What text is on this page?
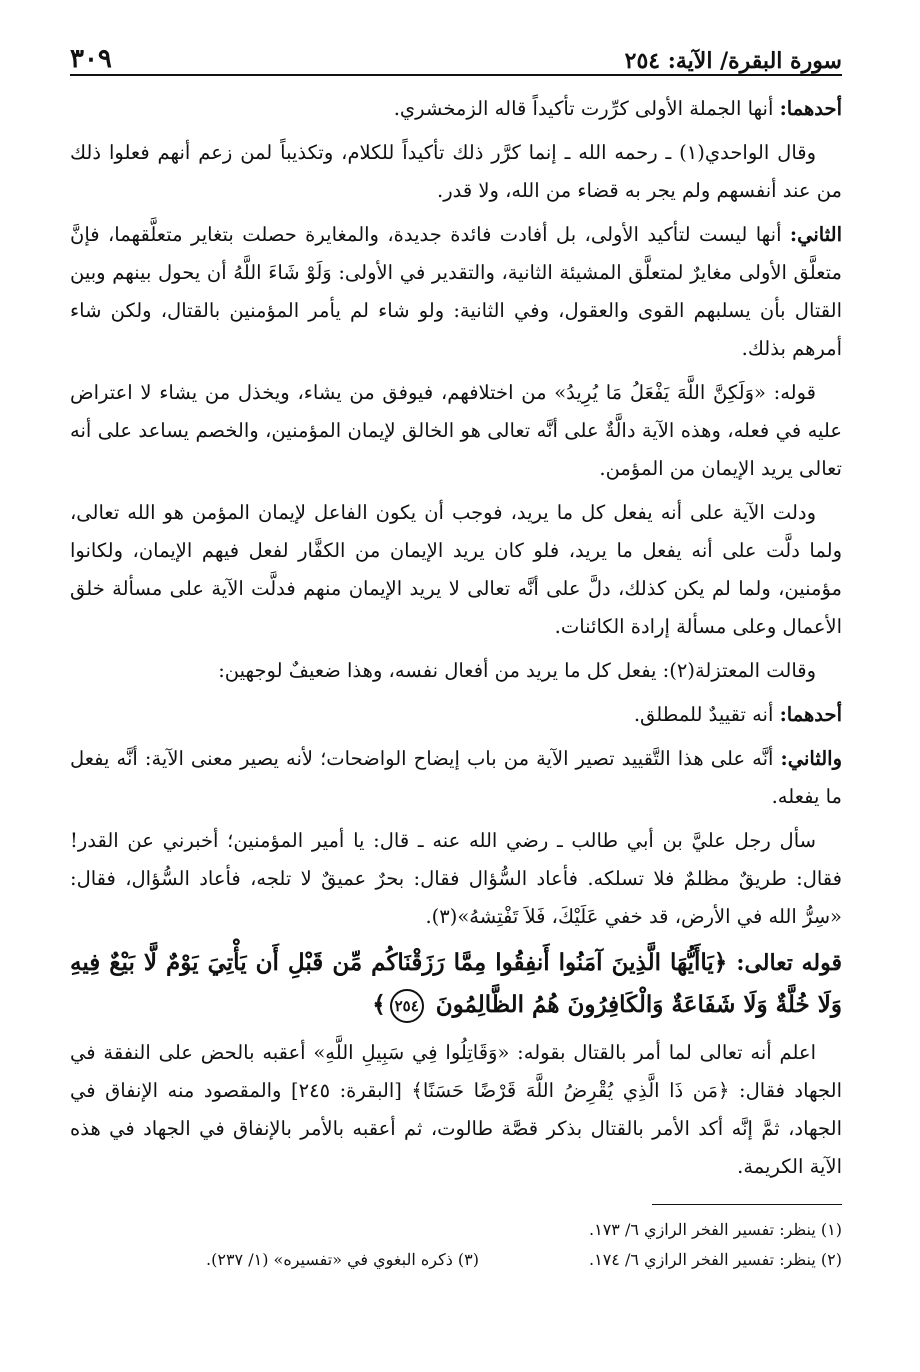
سورة البقرة/ الآية: ٢٥٤
٣٠٩

أحدهما: أنها الجملة الأولى كرِّرت تأكيداً قاله الزمخشري.

وقال الواحدي(١) ـ رحمه الله ـ إنما كرَّر ذلك تأكيداً للكلام، وتكذيباً لمن زعم أنهم فعلوا ذلك من عند أنفسهم ولم يجر به قضاء من الله، ولا قدر.

الثاني: أنها ليست لتأكيد الأولى، بل أفادت فائدة جديدة، والمغايرة حصلت بتغاير متعلَّقهما، فإنَّ متعلَّق الأولى مغايرٌ لمتعلَّق المشيئة الثانية، والتقدير في الأولى: وَلَوْ شَاءَ اللَّهُ أن يحول بينهم وبين القتال بأن يسلبهم القوى والعقول، وفي الثانية: ولو شاء لم يأمر المؤمنين بالقتال، ولكن شاء أمرهم بذلك.

قوله: «وَلَكِنَّ اللَّهَ يَفْعَلُ مَا يُرِيدُ» من اختلافهم، فيوفق من يشاء، ويخذل من يشاء لا اعتراض عليه في فعله، وهذه الآية دالَّةٌ على أنَّه تعالى هو الخالق لإيمان المؤمنين، والخصم يساعد على أنه تعالى يريد الإيمان من المؤمن.

ودلت الآية على أنه يفعل كل ما يريد، فوجب أن يكون الفاعل لإيمان المؤمن هو الله تعالى، ولما دلَّت على أنه يفعل ما يريد، فلو كان يريد الإيمان من الكفَّار لفعل فيهم الإيمان، ولكانوا مؤمنين، ولما لم يكن كذلك، دلَّ على أنَّه تعالى لا يريد الإيمان منهم فدلَّت الآية على مسألة خلق الأعمال وعلى مسألة إرادة الكائنات.

وقالت المعتزلة(٢): يفعل كل ما يريد من أفعال نفسه، وهذا ضعيفٌ لوجهين:

أحدهما: أنه تقييدٌ للمطلق.

والثاني: أنَّه على هذا التَّقييد تصير الآية من باب إيضاح الواضحات؛ لأنه يصير معنى الآية: أنَّه يفعل ما يفعله.

سأل رجل عليَّ بن أبي طالب ـ رضي الله عنه ـ قال: يا أمير المؤمنين؛ أخبرني عن القدر! فقال: طريقٌ مظلمٌ فلا تسلكه. فأعاد السُّؤال فقال: بحرٌ عميقٌ لا تلجه، فأعاد السُّؤال، فقال: «سِرُّ الله في الأرض، قد خفي عَلَيْكَ، فَلاَ تَفْتِشهُ»(٣).

قوله تعالى: ﴿يَاأَيُّهَا الَّذِينَ آمَنُوا أَنفِقُوا مِمَّا رَزَقْنَاكُم مِّن قَبْلِ أَن يَأْتِيَ يَوْمٌ لَّا بَيْعٌ فِيهِ وَلَا خُلَّةٌ وَلَا شَفَاعَةٌ وَالْكَافِرُونَ هُمُ الظَّالِمُونَ ٢٥٤﴾

اعلم أنه تعالى لما أمر بالقتال بقوله: «وَقَاتِلُوا فِي سَبِيلِ اللَّهِ» أعقبه بالحض على النفقة في الجهاد فقال: ﴿مَن ذَا الَّذِي يُقْرِضُ اللَّهَ قَرْضًا حَسَنًا﴾ [البقرة: ٢٤٥] والمقصود منه الإنفاق في الجهاد، ثمَّ إنَّه أكد الأمر بالقتال بذكر قصَّة طالوت، ثم أعقبه بالأمر بالإنفاق في الجهاد في هذه الآية الكريمة.

(١) ينظر: تفسير الفخر الرازي ٦/ ١٧٣.
(٢) ينظر: تفسير الفخر الرازي ٦/ ١٧٤.
(٣) ذكره البغوي في «تفسيره» (١/ ٢٣٧).
